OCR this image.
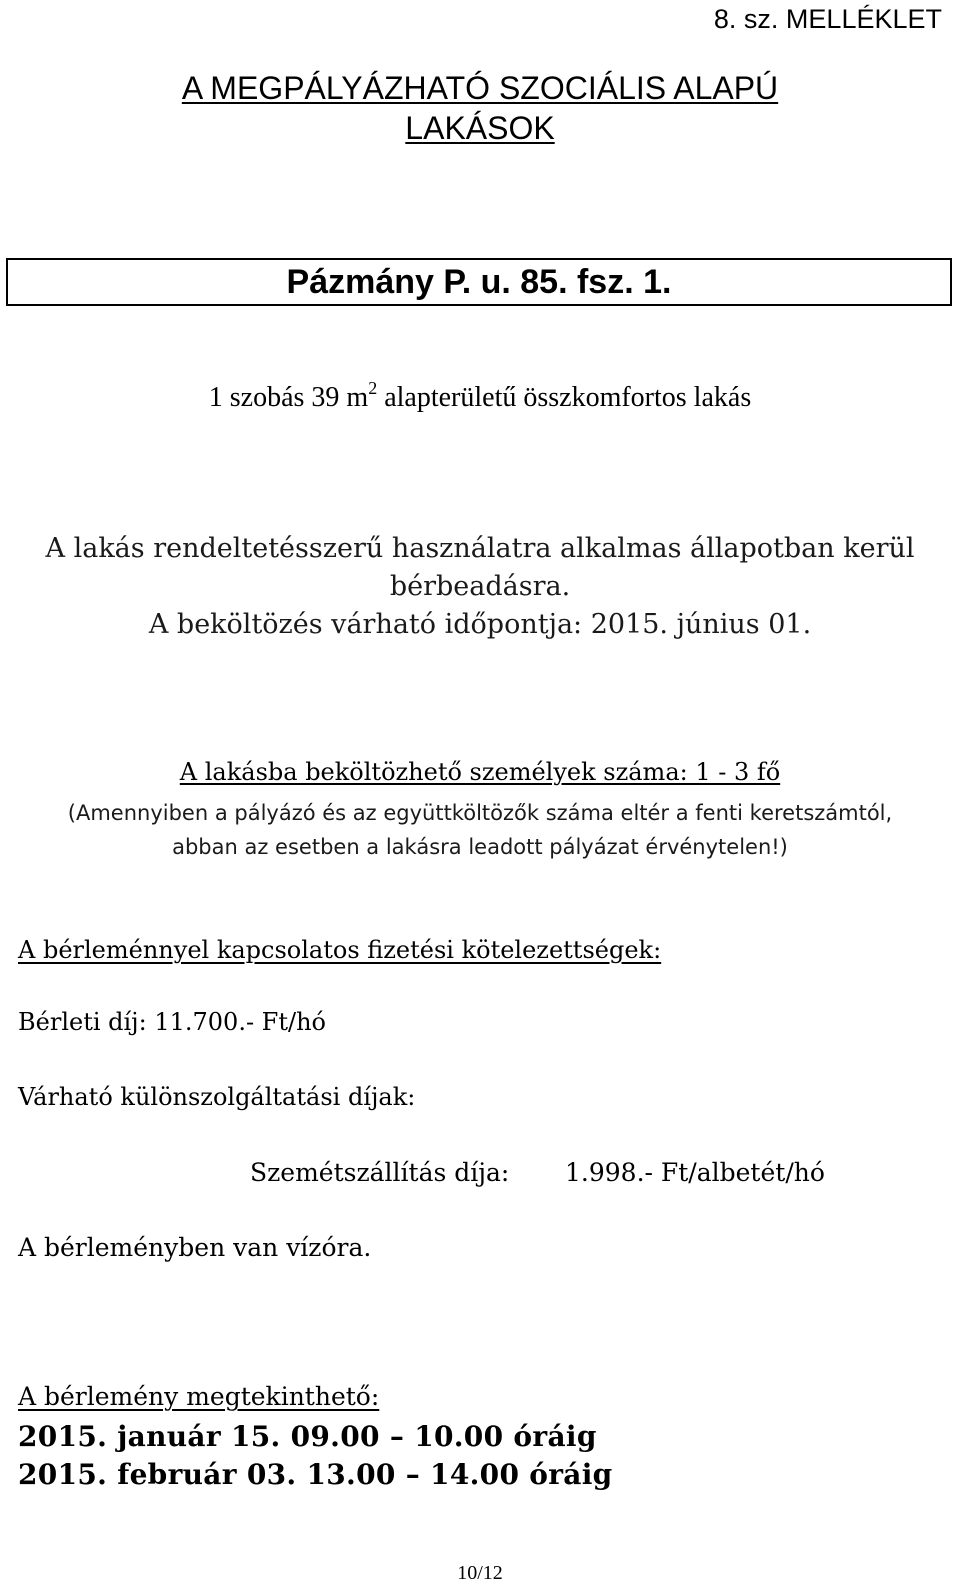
8. sz. MELLÉKLET
A MEGPÁLYÁZHATÓ SZOCIÁLIS ALAPÚ
LAKÁSOK
Pázmány P. u. 85. fsz. 1.
1 szobás 39 $m^2$ alapterületű összkomfortos lakás
A lakás rendeltetésszerű használatra alkalmas állapotban kerül
bérbeadásra.
A beköltözés várható időpontja: 2015. június 01.
A lakásba beköltözhető személyek száma: 1 - 3 fő
(Amennyiben a pályázó és az együttköltözők száma eltér a fenti keretszámtól,
abban az esetben a lakásra leadott pályázat érvénytelen!)
A bérleménnyel kapcsolatos fizetési kötelezettségek:
Bérleti díj: 11.700.- Ft/hó
Várható különszolgáltatási díjak:
Szemétszállítás díja: 1.998.- Ft/albetét/hó
A bérleményben van vízóra.
A bérlemény megtekinthető:
2015. január 15. 09.00 – 10.00 óráig
2015. február 03. 13.00 – 14.00 óráig
10/12
